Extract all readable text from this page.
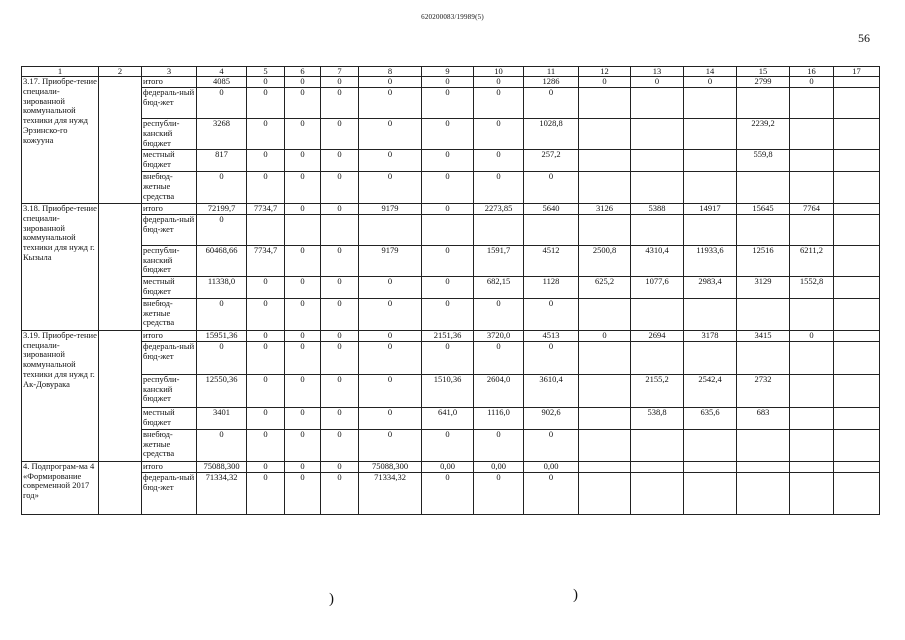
620200083/19989(5)
56
1	2	3	4	5	6	7	8	9	10	11	12	13	14	15	16	17
3.17. Приобре-тение специали-зированной коммунальной техники для нужд Эрзинско-го кожууна		итого	4085	0	0	0	0	0	0	1286	0	0	0	2799	0	
		федераль-ный бюд-жет	0	0	0	0	0	0	0	0						
		республи-канский бюджет	3268	0	0	0	0	0	0	1028,8				2239,2		
		местный бюджет	817	0	0	0	0	0	0	257,2				559,8		
		внебюд-жетные средства	0	0	0	0	0	0	0	0						
3.18. Приобре-тение специали-зированной коммунальной техники для нужд г. Кызыла		итого	72199,7	7734,7	0	0	9179	0	2273,85	5640	3126	5388	14917	15645	7764	
		федераль-ный бюд-жет	0													
		республи-канский бюджет	60468,66	7734,7	0	0	9179	0	1591,7	4512	2500,8	4310,4	11933,6	12516	6211,2	
		местный бюджет	11338,0	0	0	0	0	0	682,15	1128	625,2	1077,6	2983,4	3129	1552,8	
		внебюд-жетные средства	0	0	0	0	0	0	0	0						
3.19. Приобре-тение специали-зированной коммунальной техники для нужд г. Ак-Довурака		итого	15951,36	0	0	0	0	2151,36	3720,0	4513	0	2694	3178	3415	0	
		федераль-ный бюд-жет	0	0	0	0	0	0	0	0						
		республи-канский бюджет	12550,36	0	0	0	0	1510,36	2604,0	3610,4		2155,2	2542,4	2732		
		местный бюджет	3401	0	0	0	0	641,0	1116,0	902,6		538,8	635,6	683		
		внебюд-жетные средства	0	0	0	0	0	0	0	0						
4. Подпрограм-ма 4 «Формирование современной 2017 год»		итого	75088,300	0	0	0	75088,300	0,00	0,00	0,00						
		федераль-ный бюд-жет	71334,32	0	0	0	71334,32	0	0	0						
)	)
